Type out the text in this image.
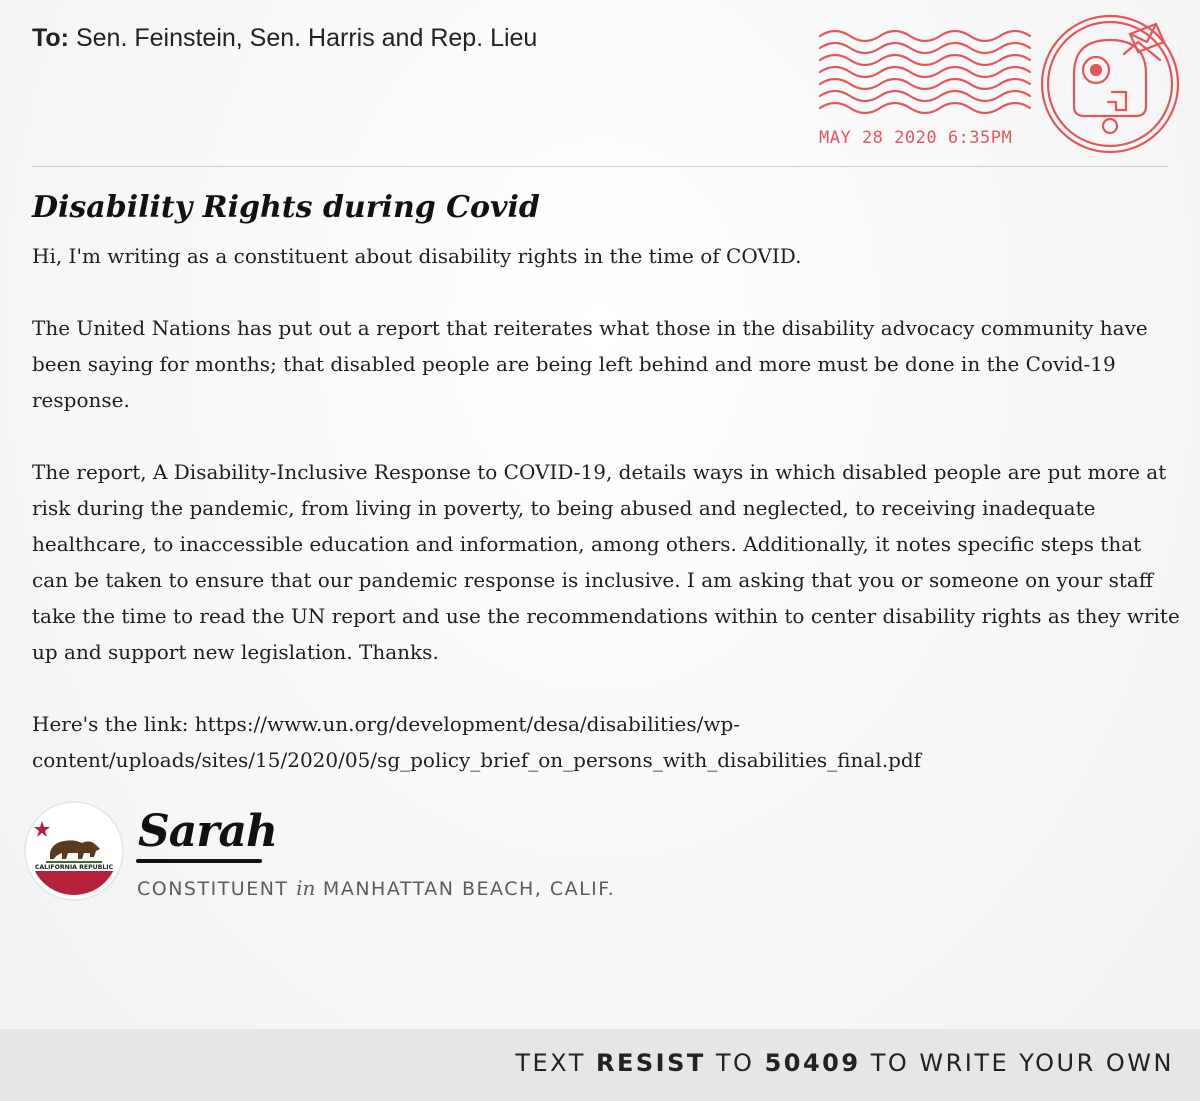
To: Sen. Feinstein, Sen. Harris and Rep. Lieu
MAY 28 2020 6:35PM
Disability Rights during Covid

Hi, I'm writing as a constituent about disability rights in the time of COVID.

The United Nations has put out a report that reiterates what those in the disability advocacy community have been saying for months; that disabled people are being left behind and more must be done in the Covid-19 response.

The report, A Disability-Inclusive Response to COVID-19, details ways in which disabled people are put more at risk during the pandemic, from living in poverty, to being abused and neglected, to receiving inadequate healthcare, to inaccessible education and information, among others. Additionally, it notes specific steps that can be taken to ensure that our pandemic response is inclusive. I am asking that you or someone on your staff take the time to read the UN report and use the recommendations within to center disability rights as they write up and support new legislation. Thanks.

Here's the link: https://www.un.org/development/desa/disabilities/wp-content/uploads/sites/15/2020/05/sg_policy_brief_on_persons_with_disabilities_final.pdf

CALIFORNIA REPUBLIC
Sarah
CONSTITUENT in MANHATTAN BEACH, CALIF.
TEXT RESIST TO 50409 TO WRITE YOUR OWN
